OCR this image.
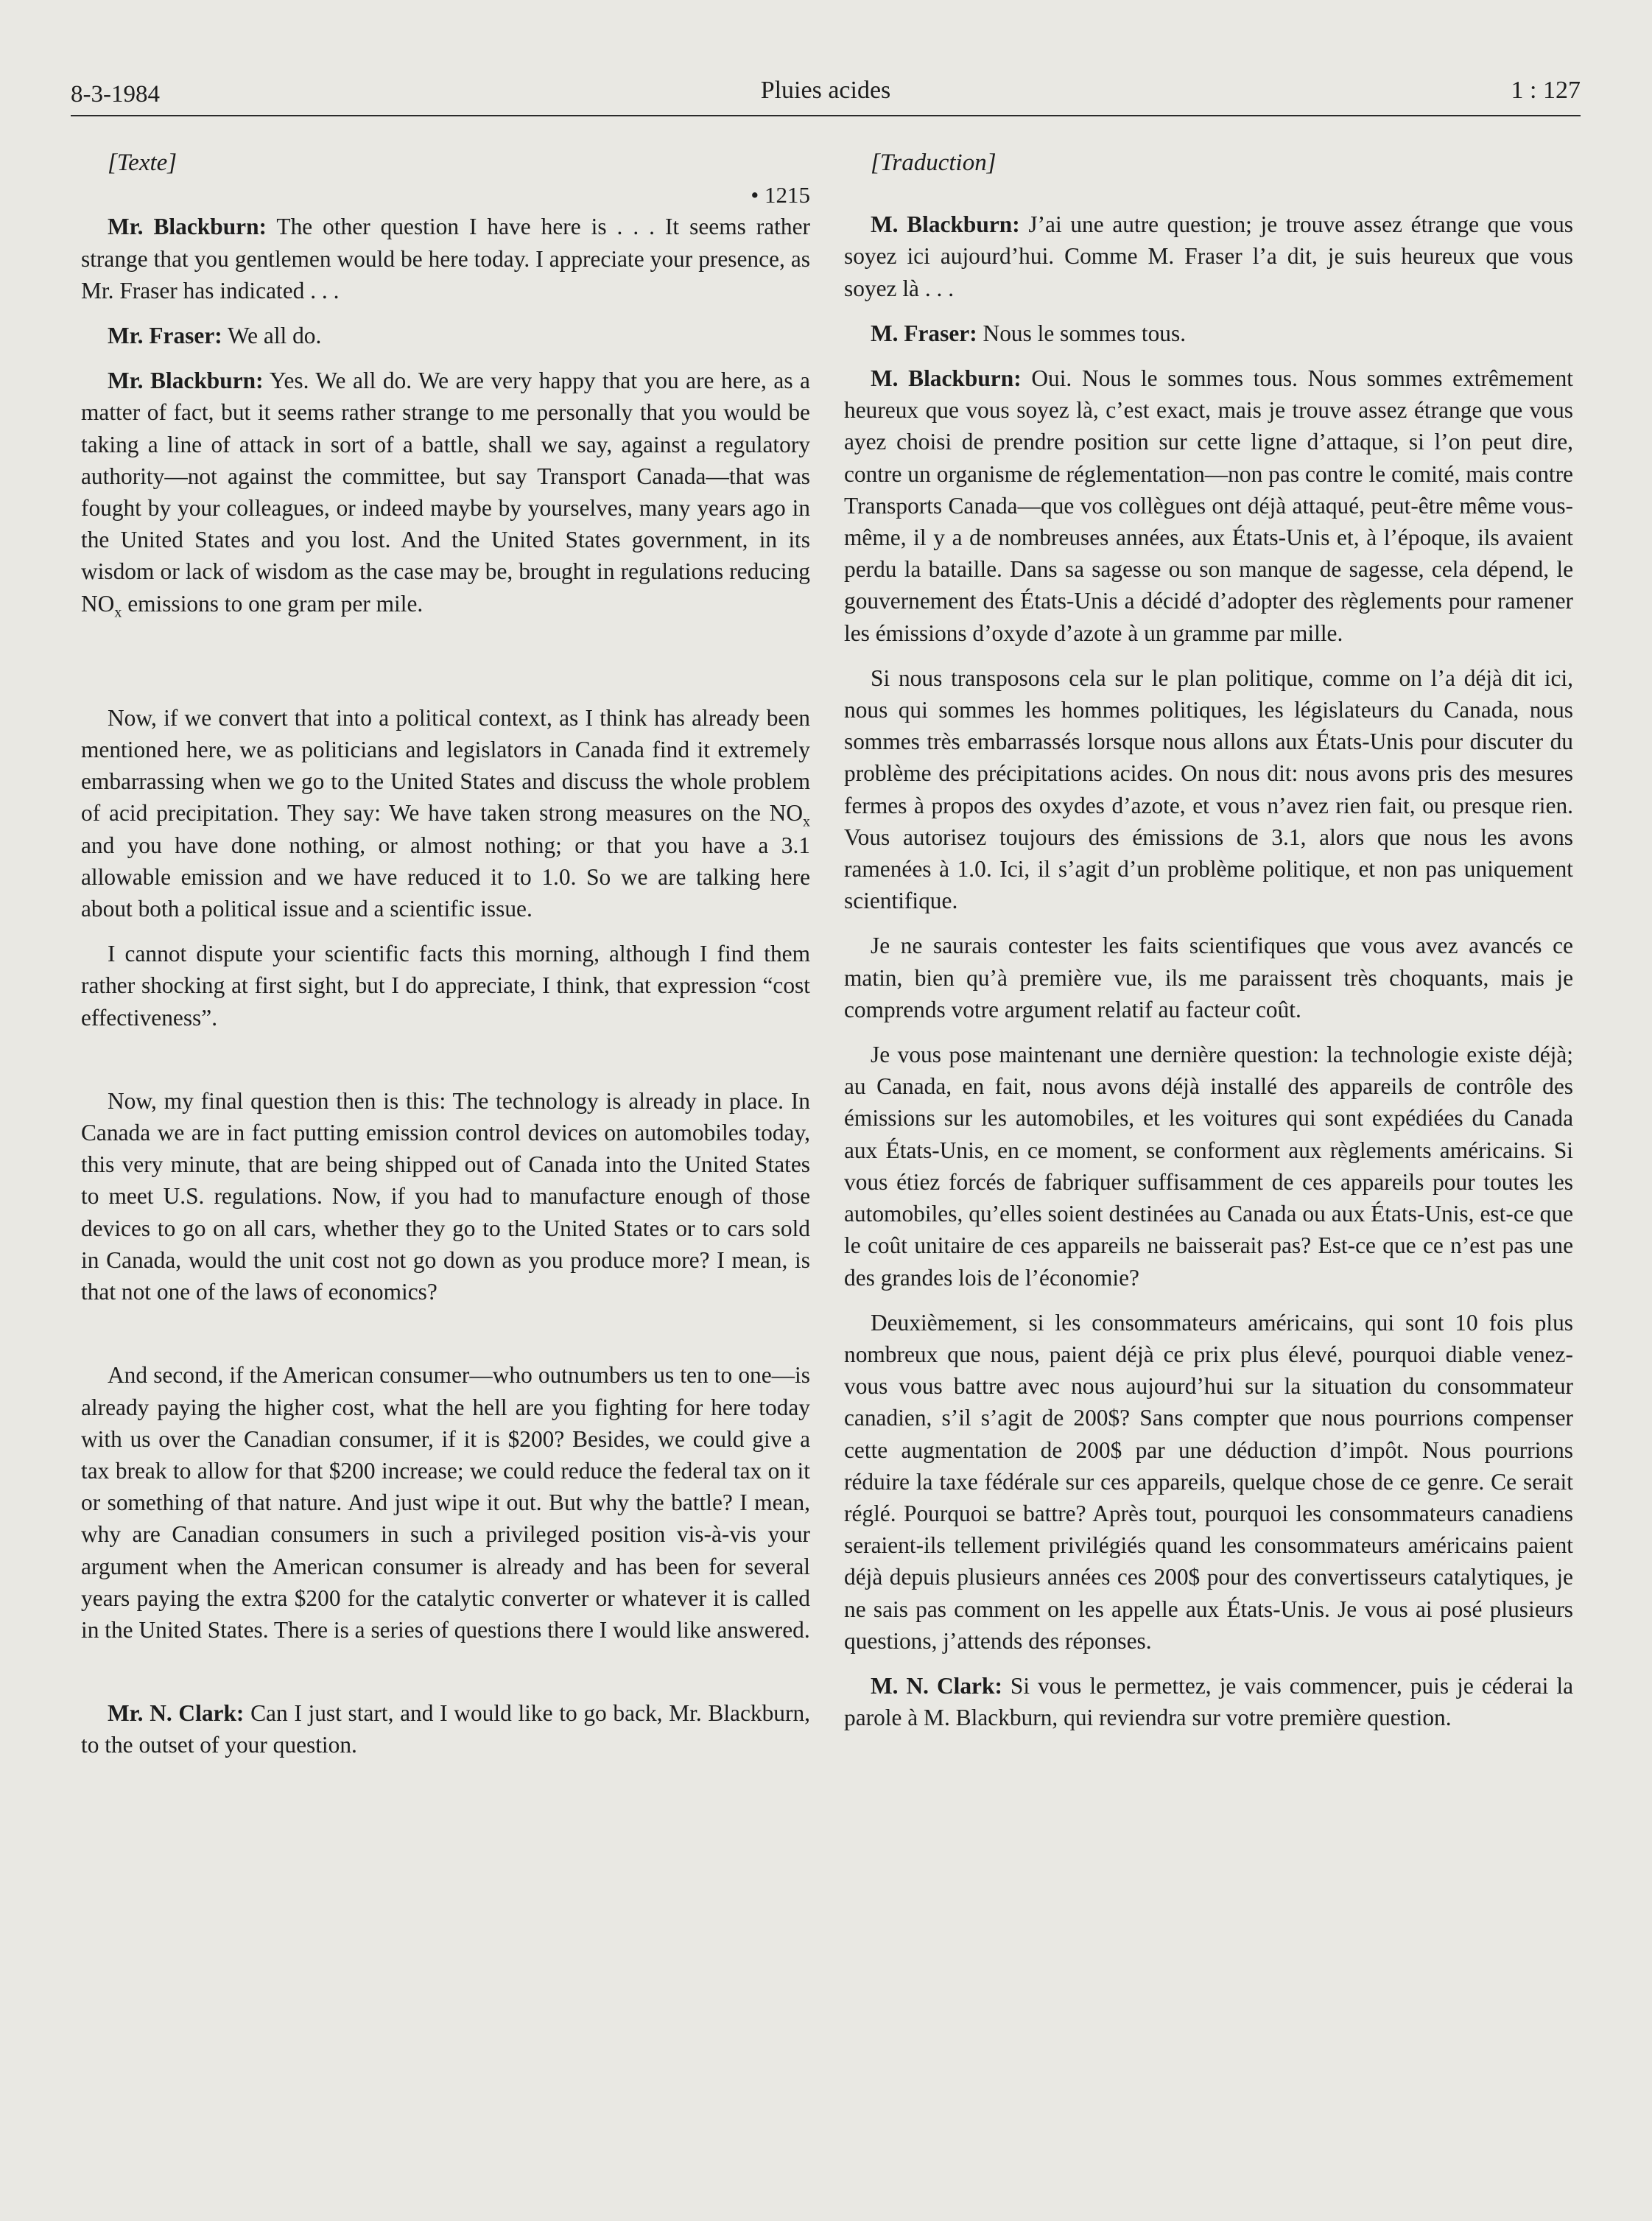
8-3-1984	Pluies acides	1 : 127

[Texte]

• 1215

Mr. Blackburn: The other question I have here is . . . It seems rather strange that you gentlemen would be here today. I appreciate your presence, as Mr. Fraser has indicated . . .

Mr. Fraser: We all do.

Mr. Blackburn: Yes. We all do. We are very happy that you are here, as a matter of fact, but it seems rather strange to me personally that you would be taking a line of attack in sort of a battle, shall we say, against a regulatory authority—not against the committee, but say Transport Canada—that was fought by your colleagues, or indeed maybe by yourselves, many years ago in the United States and you lost. And the United States government, in its wisdom or lack of wisdom as the case may be, brought in regulations reducing $NO_x$ emissions to one gram per mile.

Now, if we convert that into a political context, as I think has already been mentioned here, we as politicians and legislators in Canada find it extremely embarrassing when we go to the United States and discuss the whole problem of acid precipitation. They say: We have taken strong measures on the $NO_x$ and you have done nothing, or almost nothing; or that you have a 3.1 allowable emission and we have reduced it to 1.0. So we are talking here about both a political issue and a scientific issue.

I cannot dispute your scientific facts this morning, although I find them rather shocking at first sight, but I do appreciate, I think, that expression “cost effectiveness”.

Now, my final question then is this: The technology is already in place. In Canada we are in fact putting emission control devices on automobiles today, this very minute, that are being shipped out of Canada into the United States to meet U.S. regulations. Now, if you had to manufacture enough of those devices to go on all cars, whether they go to the United States or to cars sold in Canada, would the unit cost not go down as you produce more? I mean, is that not one of the laws of economics?

And second, if the American consumer—who outnumbers us ten to one—is already paying the higher cost, what the hell are you fighting for here today with us over the Canadian consumer, if it is $200? Besides, we could give a tax break to allow for that $200 increase; we could reduce the federal tax on it or something of that nature. And just wipe it out. But why the battle? I mean, why are Canadian consumers in such a privileged position vis-à-vis your argument when the American consumer is already and has been for several years paying the extra $200 for the catalytic converter or whatever it is called in the United States. There is a series of questions there I would like answered.

Mr. N. Clark: Can I just start, and I would like to go back, Mr. Blackburn, to the outset of your question.

[Traduction]

M. Blackburn: J’ai une autre question; je trouve assez étrange que vous soyez ici aujourd’hui. Comme M. Fraser l’a dit, je suis heureux que vous soyez là . . .

M. Fraser: Nous le sommes tous.

M. Blackburn: Oui. Nous le sommes tous. Nous sommes extrêmement heureux que vous soyez là, c’est exact, mais je trouve assez étrange que vous ayez choisi de prendre position sur cette ligne d’attaque, si l’on peut dire, contre un organisme de réglementation—non pas contre le comité, mais contre Transports Canada—que vos collègues ont déjà attaqué, peut-être même vous-même, il y a de nombreuses années, aux États-Unis et, à l’époque, ils avaient perdu la bataille. Dans sa sagesse ou son manque de sagesse, cela dépend, le gouvernement des États-Unis a décidé d’adopter des règlements pour ramener les émissions d’oxyde d’azote à un gramme par mille.

Si nous transposons cela sur le plan politique, comme on l’a déjà dit ici, nous qui sommes les hommes politiques, les législateurs du Canada, nous sommes très embarrassés lorsque nous allons aux États-Unis pour discuter du problème des précipitations acides. On nous dit: nous avons pris des mesures fermes à propos des oxydes d’azote, et vous n’avez rien fait, ou presque rien. Vous autorisez toujours des émissions de 3.1, alors que nous les avons ramenées à 1.0. Ici, il s’agit d’un problème politique, et non pas uniquement scientifique.

Je ne saurais contester les faits scientifiques que vous avez avancés ce matin, bien qu’à première vue, ils me paraissent très choquants, mais je comprends votre argument relatif au facteur coût.

Je vous pose maintenant une dernière question: la technologie existe déjà; au Canada, en fait, nous avons déjà installé des appareils de contrôle des émissions sur les automobiles, et les voitures qui sont expédiées du Canada aux États-Unis, en ce moment, se conforment aux règlements américains. Si vous étiez forcés de fabriquer suffisamment de ces appareils pour toutes les automobiles, qu’elles soient destinées au Canada ou aux États-Unis, est-ce que le coût unitaire de ces appareils ne baisserait pas? Est-ce que ce n’est pas une des grandes lois de l’économie?

Deuxièmement, si les consommateurs américains, qui sont 10 fois plus nombreux que nous, paient déjà ce prix plus élevé, pourquoi diable venez-vous vous battre avec nous aujourd’hui sur la situation du consommateur canadien, s’il s’agit de 200$? Sans compter que nous pourrions compenser cette augmentation de 200$ par une déduction d’impôt. Nous pourrions réduire la taxe fédérale sur ces appareils, quelque chose de ce genre. Ce serait réglé. Pourquoi se battre? Après tout, pourquoi les consommateurs canadiens seraient-ils tellement privilégiés quand les consommateurs américains paient déjà depuis plusieurs années ces 200$ pour des convertisseurs catalytiques, je ne sais pas comment on les appelle aux États-Unis. Je vous ai posé plusieurs questions, j’attends des réponses.

M. N. Clark: Si vous le permettez, je vais commencer, puis je céderai la parole à M. Blackburn, qui reviendra sur votre première question.
